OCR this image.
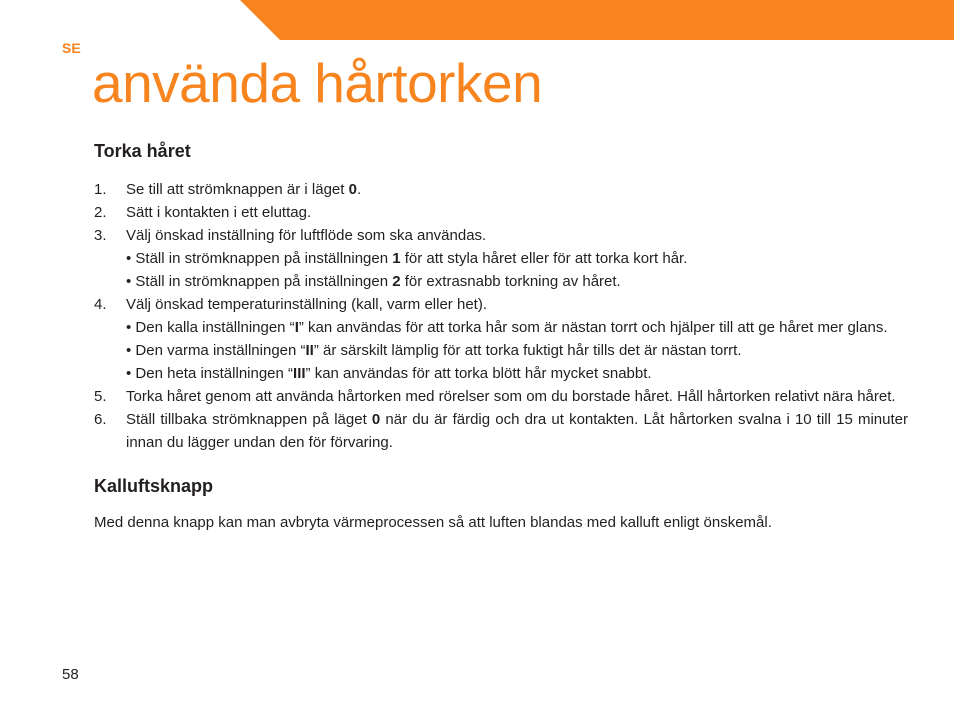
SE
använda hårtorken
Torka håret
1.	Se till att strömknappen är i läget 0.
2.	Sätt i kontakten i ett eluttag.
3.	Välj önskad inställning för luftflöde som ska användas.
• Ställ in strömknappen på inställningen 1 för att styla håret eller för att torka kort hår.
• Ställ in strömknappen på inställningen 2 för extrasnabb torkning av håret.
4.	Välj önskad temperaturinställning (kall, varm eller het).
• Den kalla inställningen “I” kan användas för att torka hår som är nästan torrt och hjälper till att ge håret mer glans.
• Den varma inställningen “II” är särskilt lämplig för att torka fuktigt hår tills det är nästan torrt.
• Den heta inställningen “III” kan användas för att torka blött hår mycket snabbt.
5.	Torka håret genom att använda hårtorken med rörelser som om du borstade håret. Håll hårtorken relativt nära håret.
6.	Ställ tillbaka strömknappen på läget 0 när du är färdig och dra ut kontakten. Låt hårtorken svalna i 10 till 15 minuter innan du lägger undan den för förvaring.
Kalluftsknapp

Med denna knapp kan man avbryta värmeprocessen så att luften blandas med kalluft enligt önskemål.

58
